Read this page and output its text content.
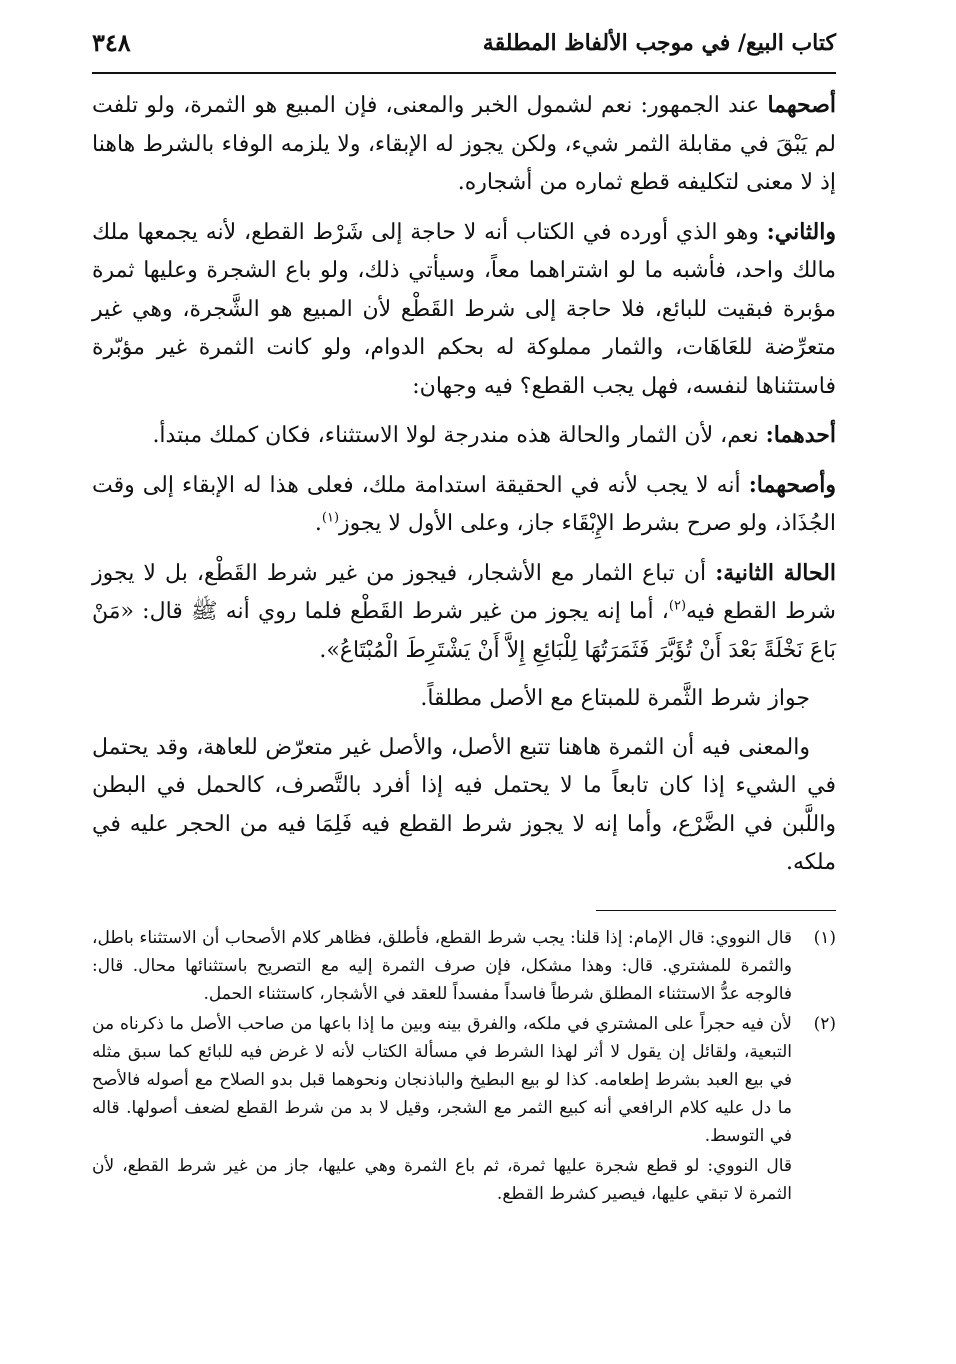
كتاب البيع/ في موجب الألفاظ المطلقة
٣٤٨

أصحهما عند الجمهور: نعم لشمول الخبر والمعنى، فإن المبيع هو الثمرة، ولو تلفت لم يَبْقَ في مقابلة الثمر شيء، ولكن يجوز له الإبقاء، ولا يلزمه الوفاء بالشرط هاهنا إذ لا معنى لتكليفه قطع ثماره من أشجاره.

والثاني: وهو الذي أورده في الكتاب أنه لا حاجة إلى شَرْط القطع، لأنه يجمعها ملك مالك واحد، فأشبه ما لو اشتراهما معاً، وسيأتي ذلك، ولو باع الشجرة وعليها ثمرة مؤبرة فبقيت للبائع، فلا حاجة إلى شرط القَطْع لأن المبيع هو الشَّجرة، وهي غير متعرِّضة للعَاهَات، والثمار مملوكة له بحكم الدوام، ولو كانت الثمرة غير مؤبّرة فاستثناها لنفسه، فهل يجب القطع؟ فيه وجهان:

أحدهما: نعم، لأن الثمار والحالة هذه مندرجة لولا الاستثناء، فكان كملك مبتدأ.

وأصحهما: أنه لا يجب لأنه في الحقيقة استدامة ملك، فعلى هذا له الإبقاء إلى وقت الجُذَاذ، ولو صرح بشرط الإِبْقَاء جاز، وعلى الأول لا يجوز$^{(١)}$.

الحالة الثانية: أن تباع الثمار مع الأشجار، فيجوز من غير شرط القَطْع، بل لا يجوز شرط القطع فيه$^{(٢)}$، أما إنه يجوز من غير شرط القَطْع فلما روي أنه ﷺ قال: «مَنْ بَاعَ نَخْلَةً بَعْدَ أَنْ تُؤَبَّرَ فَثَمَرَتُهَا لِلْبَائِعِ إِلاَّ أَنْ يَشْتَرِطَ الْمُبْتَاعُ».

جواز شرط الثَّمرة للمبتاع مع الأصل مطلقاً.

والمعنى فيه أن الثمرة هاهنا تتبع الأصل، والأصل غير متعرّض للعاهة، وقد يحتمل في الشيء إذا كان تابعاً ما لا يحتمل فيه إذا أفرد بالتَّصرف، كالحمل في البطن واللَّبن في الضَّرْع، وأما إنه لا يجوز شرط القطع فيه فَلِمَا فيه من الحجر عليه في ملكه.

(١)
قال النووي: قال الإمام: إذا قلنا: يجب شرط القطع، فأطلق، فظاهر كلام الأصحاب أن الاستثناء باطل، والثمرة للمشتري. قال: وهذا مشكل، فإن صرف الثمرة إليه مع التصريح باستثنائها محال. قال: فالوجه عدُّ الاستثناء المطلق شرطاً فاسداً مفسداً للعقد في الأشجار، كاستثناء الحمل.
(٢)
لأن فيه حجراً على المشتري في ملكه، والفرق بينه وبين ما إذا باعها من صاحب الأصل ما ذكرناه من التبعية، ولقائل إن يقول لا أثر لهذا الشرط في مسألة الكتاب لأنه لا غرض فيه للبائع كما سبق مثله في بيع العبد بشرط إطعامه. كذا لو بيع البطيخ والباذنجان ونحوهما قبل بدو الصلاح مع أصوله فالأصح ما دل عليه كلام الرافعي أنه كبيع الثمر مع الشجر، وقيل لا بد من شرط القطع لضعف أصولها. قاله في التوسط.
قال النووي: لو قطع شجرة عليها ثمرة، ثم باع الثمرة وهي عليها، جاز من غير شرط القطع، لأن الثمرة لا تبقي عليها، فيصير كشرط القطع.
